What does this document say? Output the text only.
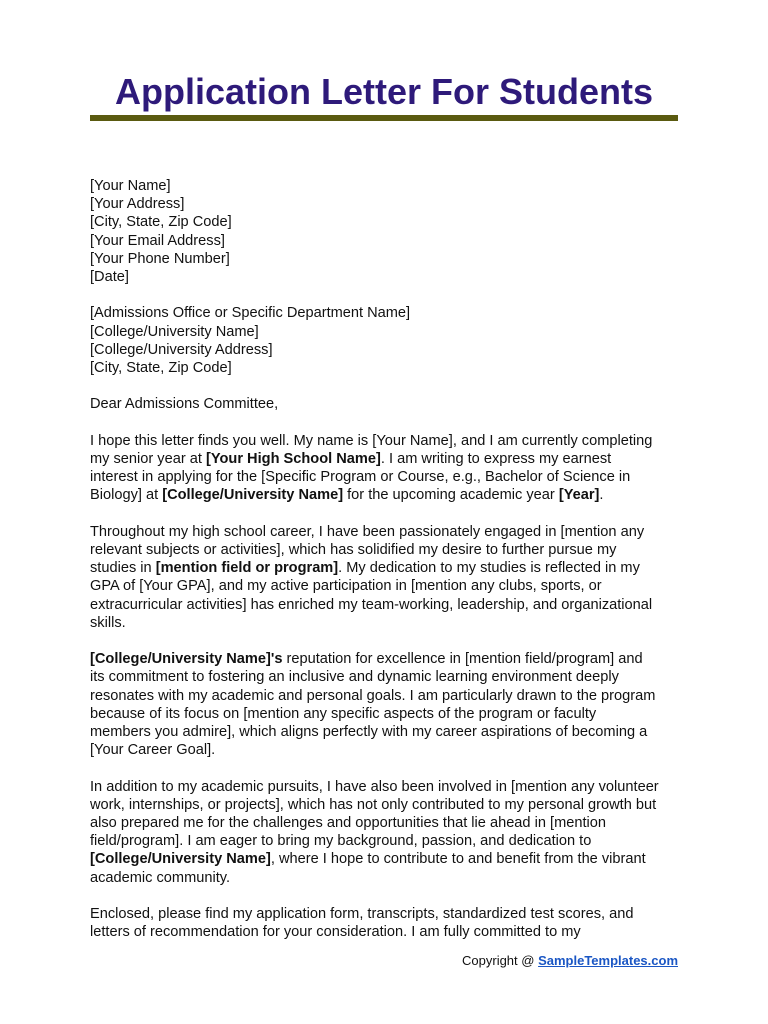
Application Letter For Students
[Your Name]
[Your Address]
[City, State, Zip Code]
[Your Email Address]
[Your Phone Number]
[Date]
[Admissions Office or Specific Department Name]
[College/University Name]
[College/University Address]
[City, State, Zip Code]
Dear Admissions Committee,
I hope this letter finds you well. My name is [Your Name], and I am currently completing
my senior year at [Your High School Name]. I am writing to express my earnest
interest in applying for the [Specific Program or Course, e.g., Bachelor of Science in
Biology] at [College/University Name] for the upcoming academic year [Year].
Throughout my high school career, I have been passionately engaged in [mention any
relevant subjects or activities], which has solidified my desire to further pursue my
studies in [mention field or program]. My dedication to my studies is reflected in my
GPA of [Your GPA], and my active participation in [mention any clubs, sports, or
extracurricular activities] has enriched my team-working, leadership, and organizational
skills.
[College/University Name]'s reputation for excellence in [mention field/program] and
its commitment to fostering an inclusive and dynamic learning environment deeply
resonates with my academic and personal goals. I am particularly drawn to the program
because of its focus on [mention any specific aspects of the program or faculty
members you admire], which aligns perfectly with my career aspirations of becoming a
[Your Career Goal].
In addition to my academic pursuits, I have also been involved in [mention any volunteer
work, internships, or projects], which has not only contributed to my personal growth but
also prepared me for the challenges and opportunities that lie ahead in [mention
field/program]. I am eager to bring my background, passion, and dedication to
[College/University Name], where I hope to contribute to and benefit from the vibrant
academic community.
Enclosed, please find my application form, transcripts, standardized test scores, and
letters of recommendation for your consideration. I am fully committed to my
Copyright @ SampleTemplates.com
